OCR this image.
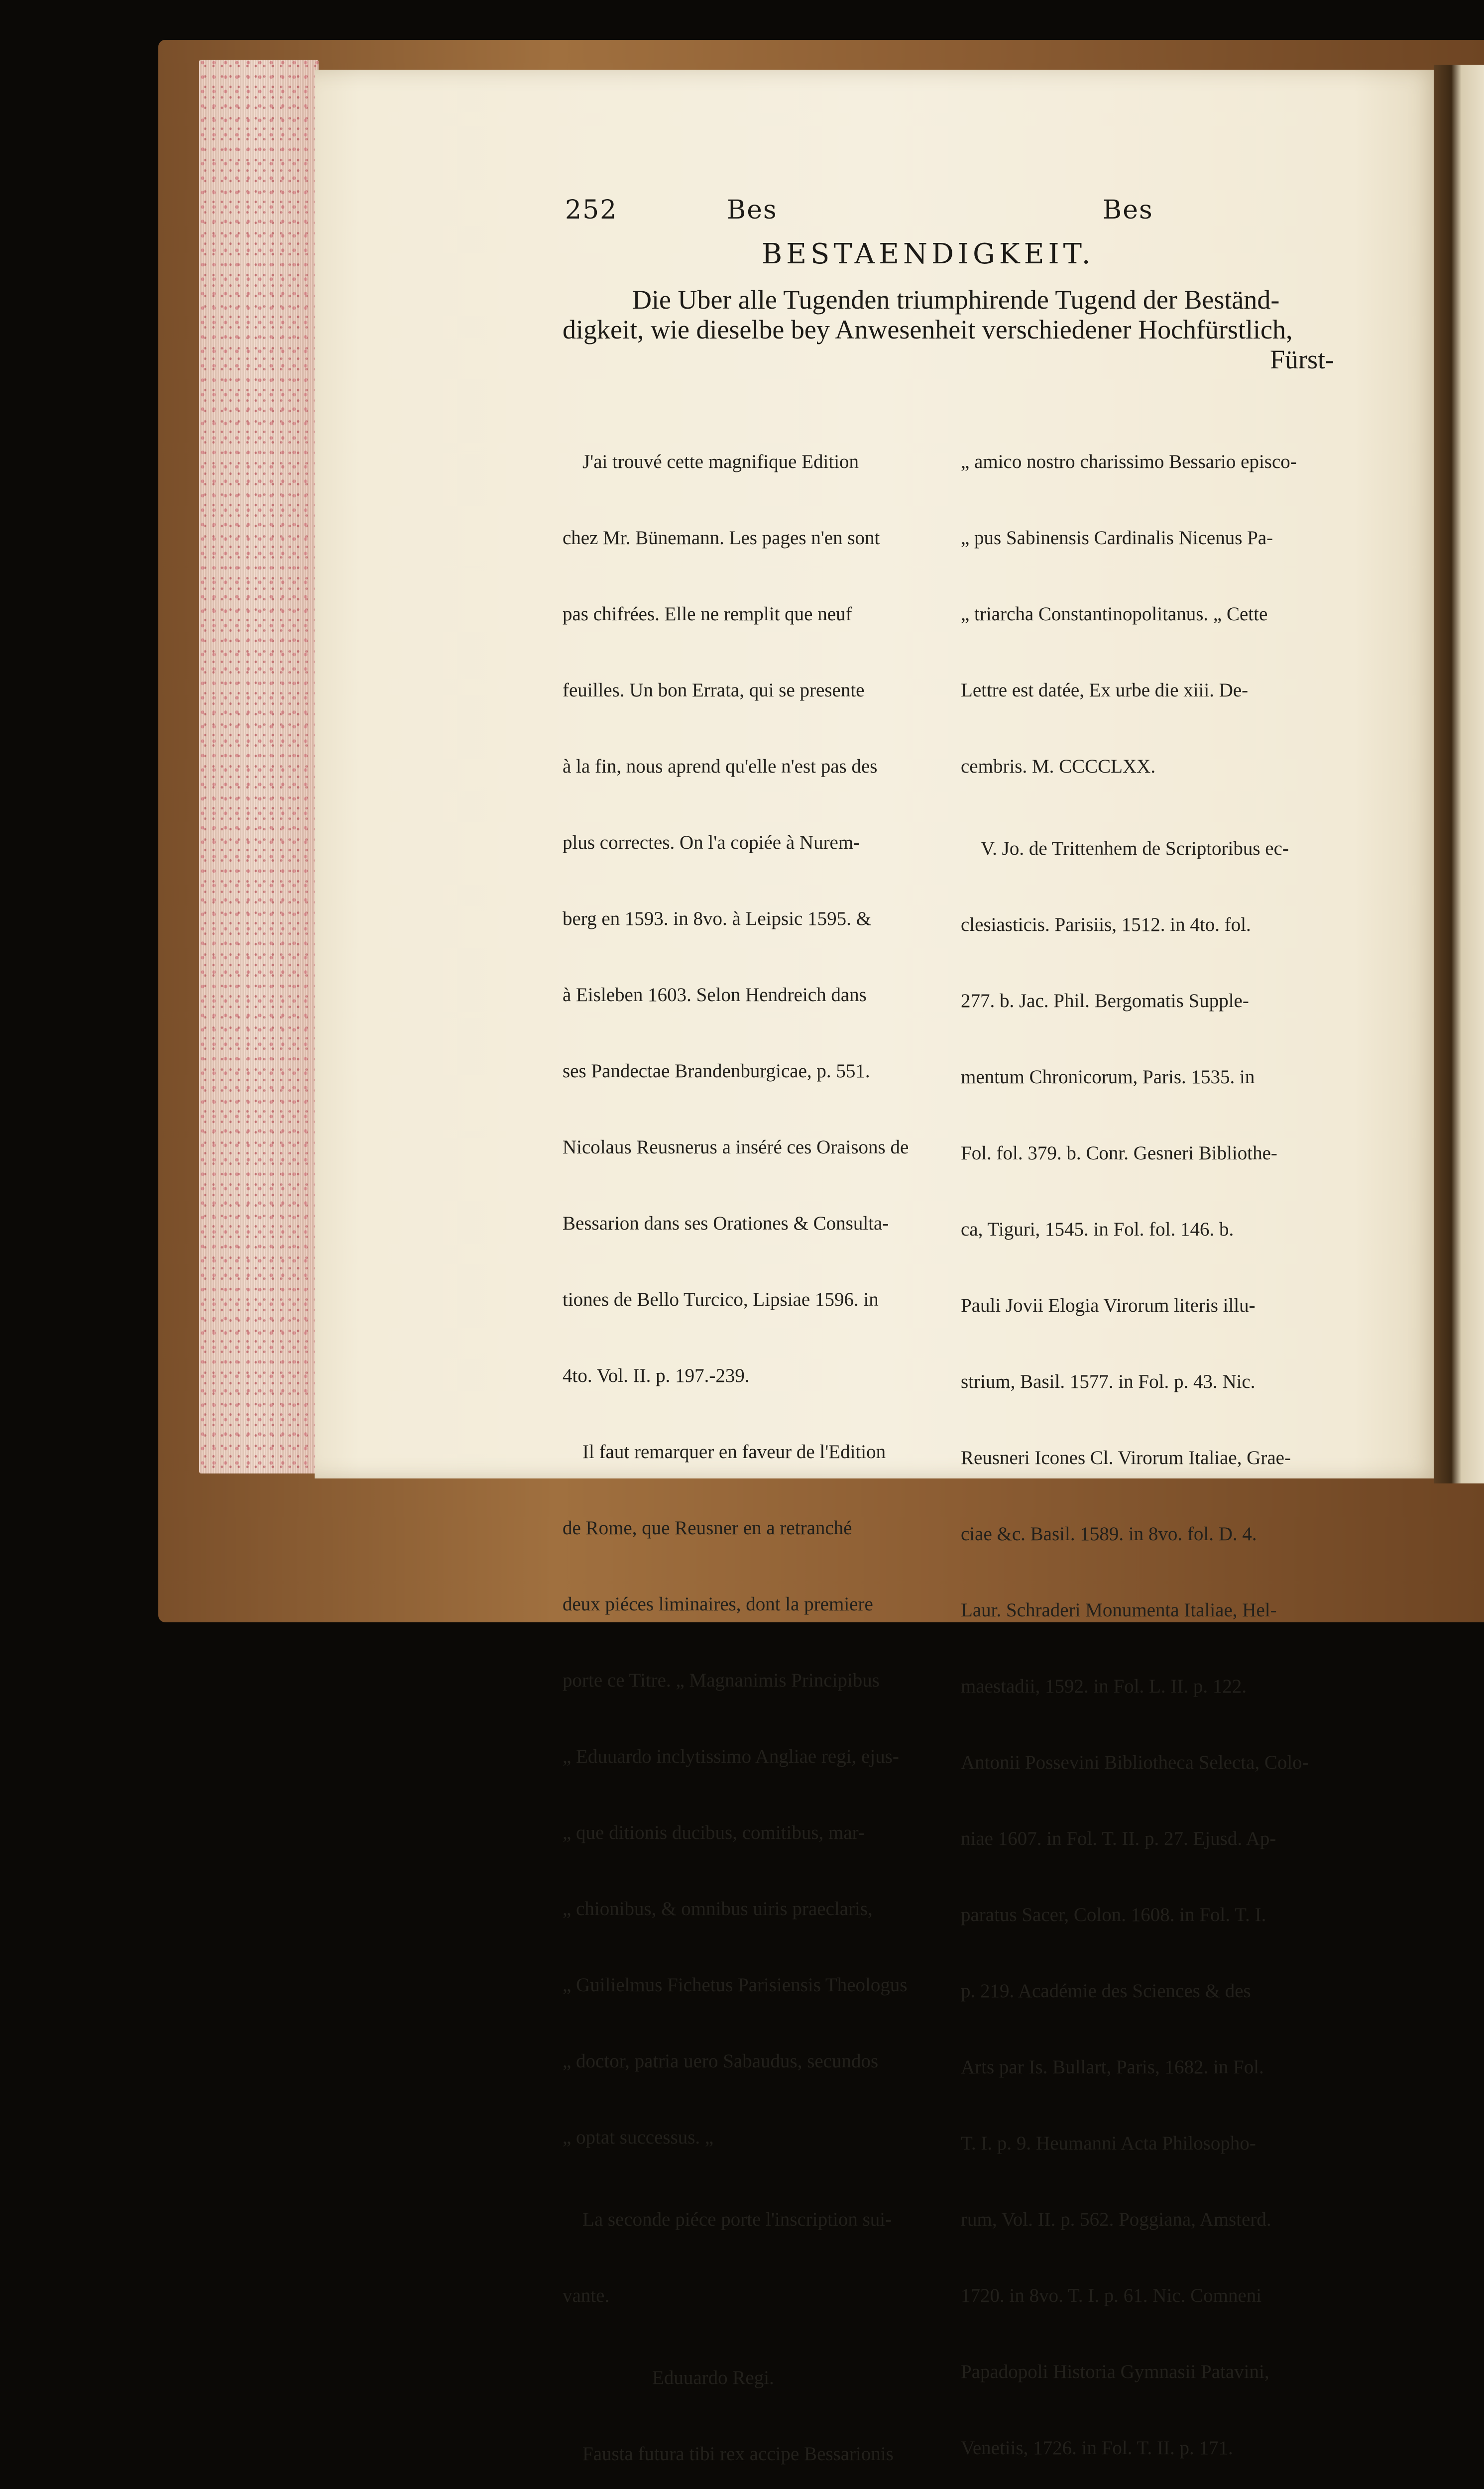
252	Bes	Bes
BESTAENDIGKEIT.
Die Uber alle Tugenden triumphirende Tugend der Beständ-
digkeit, wie dieselbe bey Anwesenheit verschiedener Hochfürstlich,
Fürst-

J'ai trouvé cette magnifique Edition

chez Mr. Bünemann. Les pages n'en sont

pas chifrées. Elle ne remplit que neuf

feuilles. Un bon Errata, qui se presente

à la fin, nous aprend qu'elle n'est pas des

plus correctes. On l'a copiée à Nurem-

berg en 1593. in 8vo. à Leipsic 1595. &

à Eisleben 1603. Selon Hendreich dans

ses Pandectae Brandenburgicae, p. 551.

Nicolaus Reusnerus a inséré ces Oraisons de

Bessarion dans ses Orationes & Consulta-

tiones de Bello Turcico, Lipsiae 1596. in

4to. Vol. II. p. 197.-239.

Il faut remarquer en faveur de l'Edition

de Rome, que Reusner en a retranché

deux piéces liminaires, dont la premiere

porte ce Titre. „ Magnanimis Principibus

„ Eduuardo inclytissimo Angliae regi, ejus-

„ que ditionis ducibus, comitibus, mar-

„ chionibus, & omnibus uiris praeclaris,

„ Guilielmus Fichetus Parisiensis Theologus

„ doctor, patria uero Sabaudus, secundos

„ optat successus. „

La seconde piéce porte l'inscription sui-

vante.

Eduuardo Regi.

Fausta futura tibi rex accipe Bessarionis

„ amico nostro charissimo Bessario episco-

„ pus Sabinensis Cardinalis Nicenus Pa-

„ triarcha Constantinopolitanus. „ Cette

Lettre est datée, Ex urbe die xiii. De-

cembris. M. CCCCLXX.

V. Jo. de Trittenhem de Scriptoribus ec-

clesiasticis. Parisiis, 1512. in 4to. fol.

277. b. Jac. Phil. Bergomatis Supple-

mentum Chronicorum, Paris. 1535. in

Fol. fol. 379. b. Conr. Gesneri Bibliothe-

ca, Tiguri, 1545. in Fol. fol. 146. b.

Pauli Jovii Elogia Virorum literis illu-

strium, Basil. 1577. in Fol. p. 43. Nic.

Reusneri Icones Cl. Virorum Italiae, Grae-

ciae &c. Basil. 1589. in 8vo. fol. D. 4.

Laur. Schraderi Monumenta Italiae, Hel-

maestadii, 1592. in Fol. L. II. p. 122.

Antonii Possevini Bibliotheca Selecta, Colo-

niae 1607. in Fol. T. II. p. 27. Ejusd. Ap-

paratus Sacer, Colon. 1608. in Fol. T. I.

p. 219. Académie des Sciences & des

Arts par Is. Bullart, Paris, 1682. in Fol.

T. I. p. 9. Heumanni Acta Philosopho-

rum, Vol. II. p. 562. Poggiana, Amsterd.

1720. in 8vo. T. I. p. 61. Nic. Comneni

Papadopoli Historia Gymnasii Patavini,

Venetiis, 1726. in Fol. T. II. p. 171.
